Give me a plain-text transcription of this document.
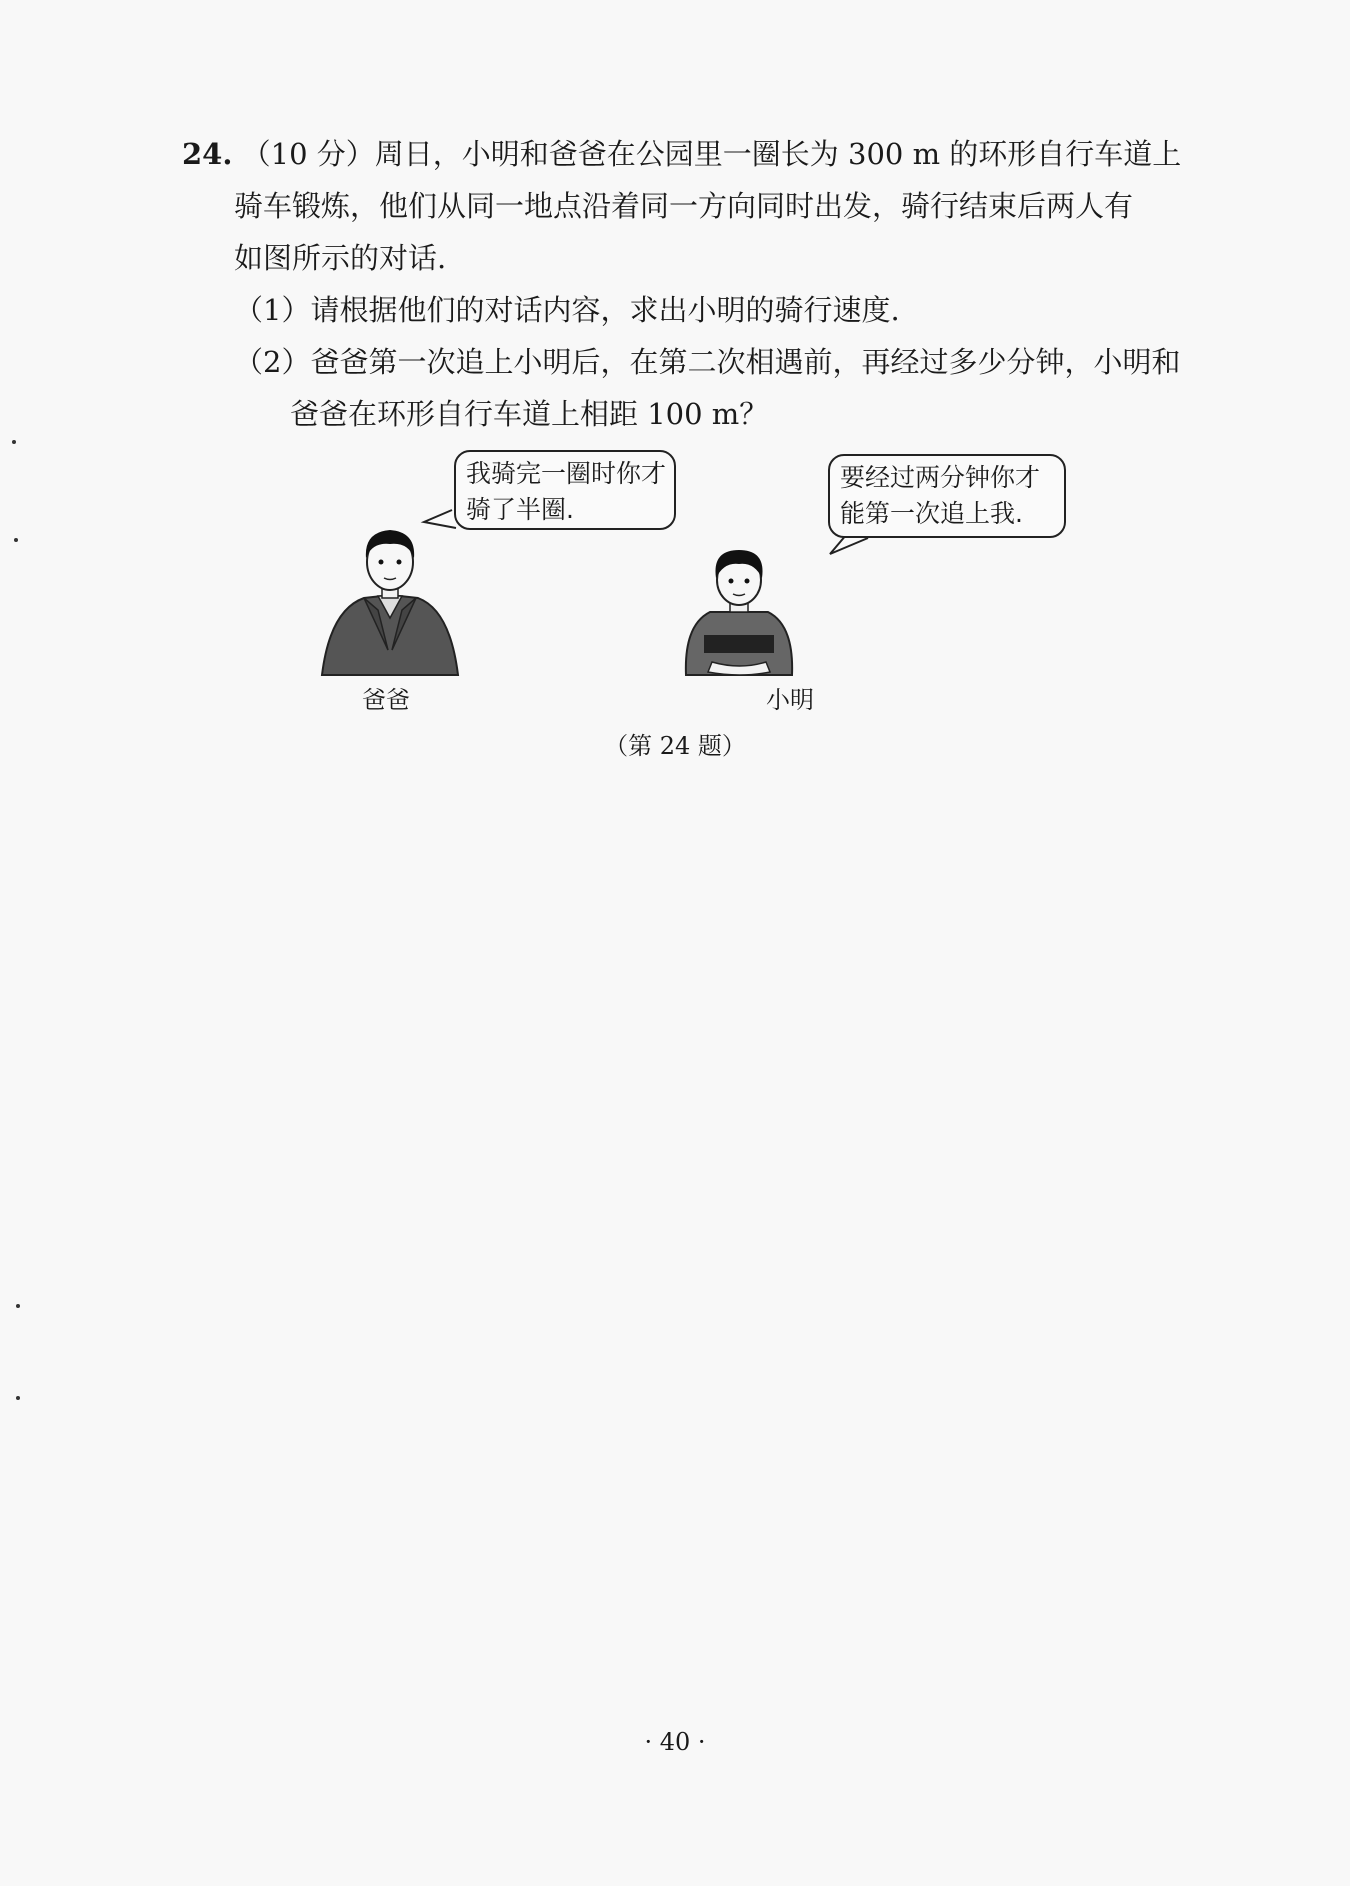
24. （10 分）周日，小明和爸爸在公园里一圈长为 300 m 的环形自行车道上
骑车锻炼，他们从同一地点沿着同一方向同时出发，骑行结束后两人有
如图所示的对话.
（1）请根据他们的对话内容，求出小明的骑行速度.
（2）爸爸第一次追上小明后，在第二次相遇前，再经过多少分钟，小明和
爸爸在环形自行车道上相距 100 m？
我骑完一圈时你才
骑了半圈.
要经过两分钟你才
能第一次追上我.
爸爸	小明
（第 24 题）
· 40 ·
